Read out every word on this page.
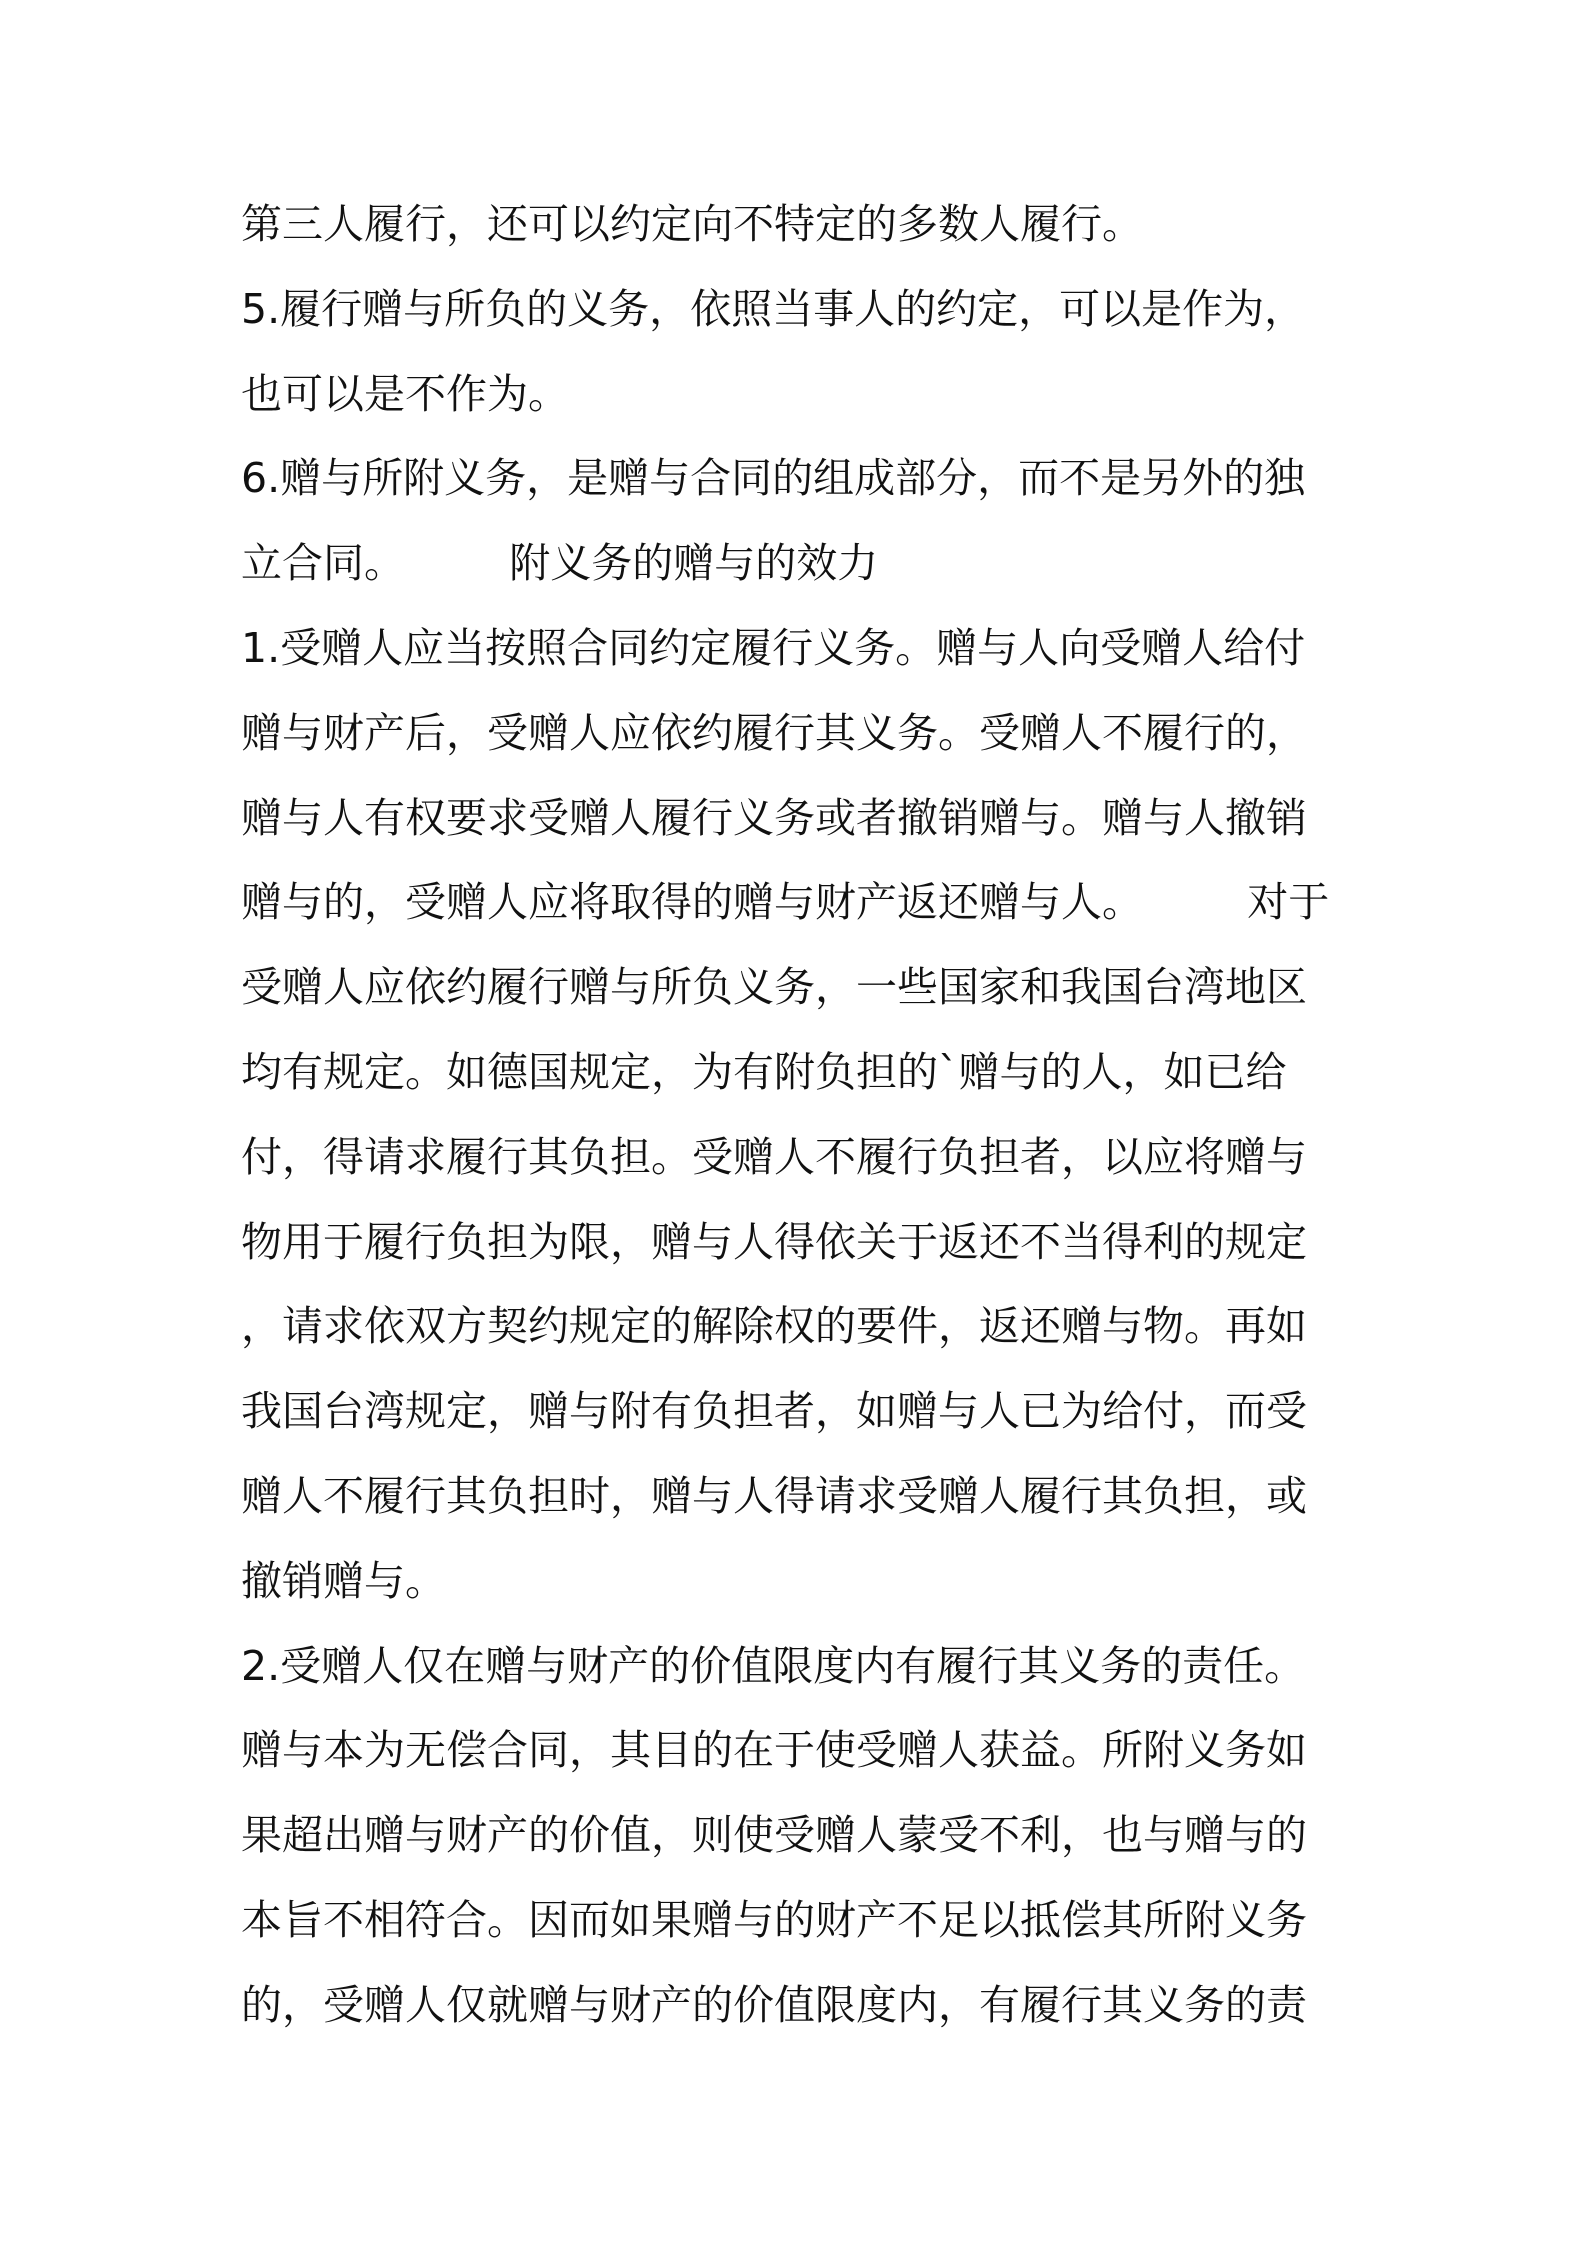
第三人履行，还可以约定向不特定的多数人履行。
5.履行赠与所负的义务，依照当事人的约定，可以是作为，
也可以是不作为。
6.赠与所附义务，是赠与合同的组成部分，而不是另外的独
立合同。        附义务的赠与的效力
1.受赠人应当按照合同约定履行义务。赠与人向受赠人给付
赠与财产后，受赠人应依约履行其义务。受赠人不履行的，
赠与人有权要求受赠人履行义务或者撤销赠与。赠与人撤销
赠与的，受赠人应将取得的赠与财产返还赠与人。        对于
受赠人应依约履行赠与所负义务，一些国家和我国台湾地区
均有规定。如德国规定，为有附负担的`赠与的人，如已给
付，得请求履行其负担。受赠人不履行负担者，以应将赠与
物用于履行负担为限，赠与人得依关于返还不当得利的规定
，请求依双方契约规定的解除权的要件，返还赠与物。再如
我国台湾规定，赠与附有负担者，如赠与人已为给付，而受
赠人不履行其负担时，赠与人得请求受赠人履行其负担，或
撤销赠与。
2.受赠人仅在赠与财产的价值限度内有履行其义务的责任。
赠与本为无偿合同，其目的在于使受赠人获益。所附义务如
果超出赠与财产的价值，则使受赠人蒙受不利，也与赠与的
本旨不相符合。因而如果赠与的财产不足以抵偿其所附义务
的，受赠人仅就赠与财产的价值限度内，有履行其义务的责
